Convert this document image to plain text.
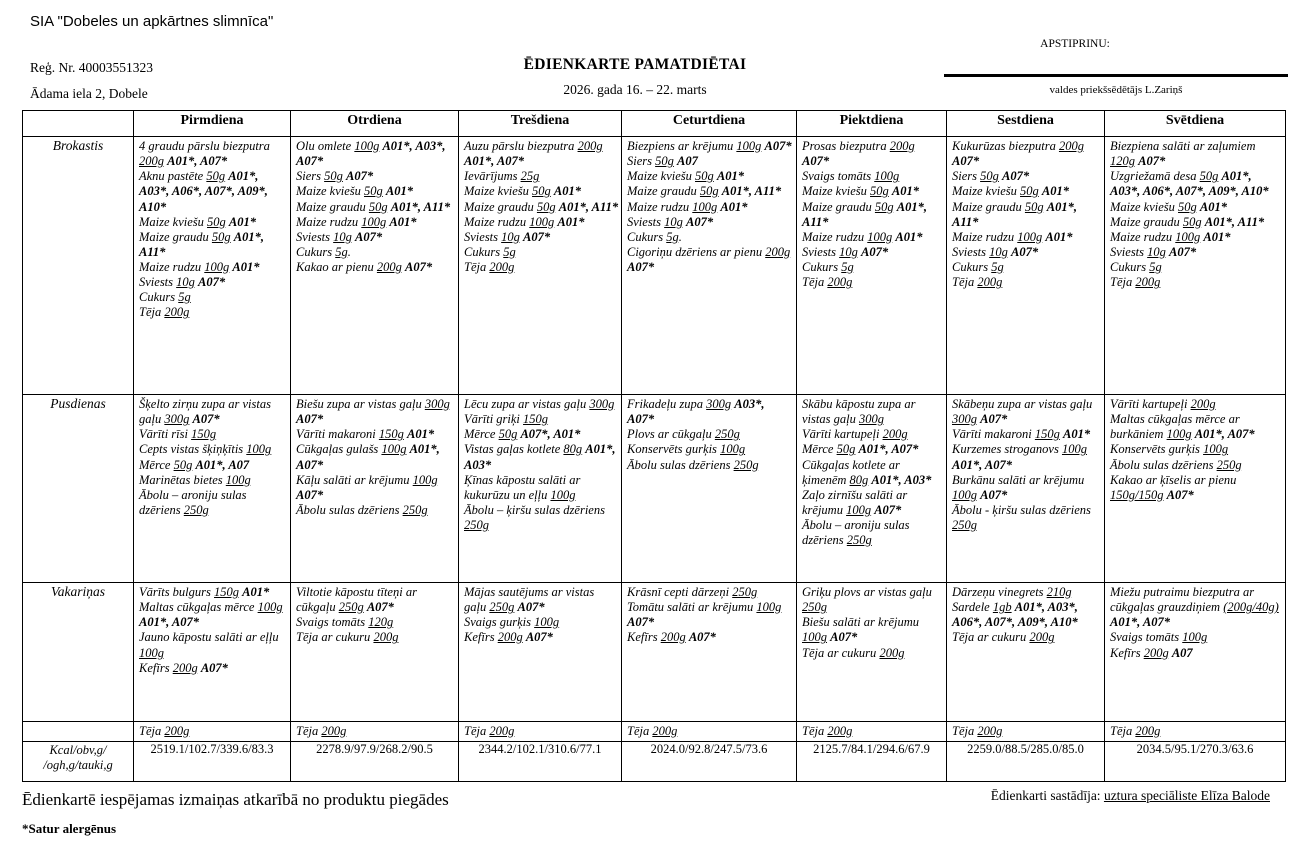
SIA "Dobeles un apkārtnes slimnīca"
Reģ. Nr. 40003551323
Ādama iela 2, Dobele
ĒDIENKARTE PAMATDIĒTAI
2026. gada 16. – 22. marts
APSTIPRINU:
valdes priekšsēdētājs L.Zariņš
	Pirmdiena	Otrdiena	Trešdiena	Ceturtdiena	Piektdiena	Sestdiena	Svētdiena
Brokastis	4 graudu pārslu biezputra 200g A01*, A07*
Aknu pastēte 50g A01*, A03*, A06*, A07*, A09*, A10*
Maize kviešu 50g A01*
Maize graudu 50g A01*, A11*
Maize rudzu 100g A01*
Sviests 10g A07*
Cukurs 5g
Tēja 200g

Olu omlete 100g A01*, A03*, A07*
Siers 50g A07*
Maize kviešu 50g A01*
Maize graudu 50g A01*, A11*
Maize rudzu 100g A01*
Sviests 10g A07*
Cukurs 5g.
Kakao ar pienu 200g A07*

Auzu pārslu biezputra 200g A01*, A07*
Ievārījums 25g
Maize kviešu 50g A01*
Maize graudu 50g A01*, A11*
Maize rudzu 100g A01*
Sviests 10g A07*
Cukurs 5g
Tēja 200g

Biezpiens ar krējumu 100g A07*
Siers 50g A07
Maize kviešu 50g A01*
Maize graudu 50g A01*, A11*
Maize rudzu 100g A01*
Sviests 10g A07*
Cukurs 5g.
Cigoriņu dzēriens ar pienu 200g A07*

Prosas biezputra 200g A07*
Svaigs tomāts 100g
Maize kviešu 50g A01*
Maize graudu 50g A01*, A11*
Maize rudzu 100g A01*
Sviests 10g A07*
Cukurs 5g
Tēja 200g

Kukurūzas biezputra 200g A07*
Siers 50g A07*
Maize kviešu 50g A01*
Maize graudu 50g A01*, A11*
Maize rudzu 100g A01*
Sviests 10g A07*
Cukurs 5g
Tēja 200g

Biezpiena salāti ar zaļumiem 120g A07*
Uzgriežamā desa 50g A01*, A03*, A06*, A07*, A09*, A10*
Maize kviešu 50g A01*
Maize graudu 50g A01*, A11*
Maize rudzu 100g A01*
Sviests 10g A07*
Cukurs 5g
Tēja 200g

Pusdienas	Šķelto zirņu zupa ar vistas gaļu 300g A07*
Vārīti rīsi 150g
Cepts vistas šķiņķītis 100g
Mērce 50g A01*, A07
Marinētas bietes 100g
Ābolu – aroniju sulas dzēriens 250g

Biešu zupa ar vistas gaļu 300g A07*
Vārīti makaroni 150g A01*
Cūkgaļas gulašs 100g A01*, A07*
Kāļu salāti ar krējumu 100g A07*
Ābolu sulas dzēriens 250g

Lēcu zupa ar vistas gaļu 300g
Vārīti griķi 150g
Mērce 50g A07*, A01*
Vistas gaļas kotlete 80g A01*, A03*
Ķīnas kāpostu salāti ar kukurūzu un eļļu 100g
Ābolu – ķiršu sulas dzēriens 250g

Frikadeļu zupa 300g A03*, A07*
Plovs ar cūkgaļu 250g
Konservēts gurķis 100g
Ābolu sulas dzēriens 250g

Skābu kāpostu zupa ar vistas gaļu 300g
Vārīti kartupeļi 200g
Mērce 50g A01*, A07*
Cūkgaļas kotlete ar ķimenēm 80g A01*, A03*
Zaļo zirnīšu salāti ar krējumu 100g A07*
Ābolu – aroniju sulas dzēriens 250g

Skābeņu zupa ar vistas gaļu 300g A07*
Vārīti makaroni 150g A01*
Kurzemes stroganovs 100g A01*, A07*
Burkānu salāti ar krējumu 100g A07*
Ābolu - ķiršu sulas dzēriens 250g

Vārīti kartupeļi 200g
Maltas cūkgaļas mērce ar burkāniem 100g A01*, A07*
Konservēts gurķis 100g
Ābolu sulas dzēriens 250g
Kakao ar ķīselis ar pienu 150g/150g A07*

Vakariņas	Vārīts bulgurs 150g A01*
Maltas cūkgaļas mērce 100g A01*, A07*
Jauno kāpostu salāti ar eļļu 100g
Kefīrs 200g A07*

Viltotie kāpostu tīteņi ar cūkgaļu 250g A07*
Svaigs tomāts 120g
Tēja ar cukuru 200g

Mājas sautējums ar vistas gaļu 250g A07*
Svaigs gurķis 100g
Kefīrs 200g A07*

Krāsnī cepti dārzeņi 250g
Tomātu salāti ar krējumu 100g A07*
Kefīrs 200g A07*

Griķu plovs ar vistas gaļu 250g
Biešu salāti ar krējumu 100g A07*
Tēja ar cukuru 200g

Dārzeņu vinegrets 210g
Sardele 1gb A01*, A03*, A06*, A07*, A09*, A10*
Tēja ar cukuru 200g

Miežu putraimu biezputra ar cūkgaļas grauzdiņiem (200g/40g) A01*, A07*
Svaigs tomāts 100g
Kefīrs 200g A07

	Tēja 200g	Tēja 200g	Tēja 200g	Tēja 200g	Tēja 200g	Tēja 200g	Tēja 200g

Kcal/obv,g/
/ogh,g/tauki,g	2519.1/102.7/339.6/83.3	2278.9/97.9/268.2/90.5	2344.2/102.1/310.6/77.1	2024.0/92.8/247.5/73.6	2125.7/84.1/294.6/67.9	2259.0/88.5/285.0/85.0	2034.5/95.1/270.3/63.6
Ēdienkartē iespējamas izmaiņas atkarībā no produktu piegādes
*Satur alergēnus
Ēdienkarti sastādīja: uztura speciāliste Elīza Balode
